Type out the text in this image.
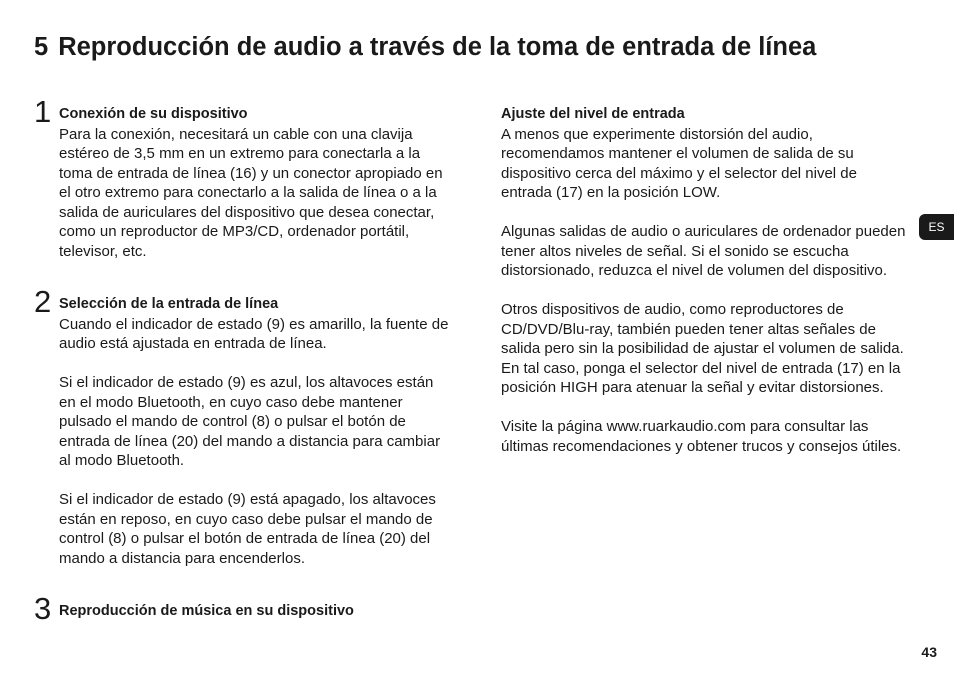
5 Reproducción de audio a través de la toma de entrada de línea
1 Conexión de su dispositivo

Para la conexión, necesitará un cable con una clavija estéreo de 3,5 mm en un extremo para conectarla a la toma de entrada de línea (16) y un conector apropiado en el otro extremo para conectarlo a la salida de línea o a la salida de auriculares del dispositivo que desea conectar, como un reproductor de MP3/CD, ordenador portátil, televisor, etc.

2 Selección de la entrada de línea

Cuando el indicador de estado (9) es amarillo, la fuente de audio está ajustada en entrada de línea.

Si el indicador de estado (9) es azul, los altavoces están en el modo Bluetooth, en cuyo caso debe mantener pulsado el mando de control (8) o pulsar el botón de entrada de línea (20) del mando a distancia para cambiar al modo Bluetooth.

Si el indicador de estado (9) está apagado, los altavoces están en reposo, en cuyo caso debe pulsar el mando de control (8) o pulsar el botón de entrada de línea (20) del mando a distancia para encenderlos.

3 Reproducción de música en su dispositivo

Ajuste del nivel de entrada

A menos que experimente distorsión del audio, recomendamos mantener el volumen de salida de su dispositivo cerca del máximo y el selector del nivel de entrada (17) en la posición LOW.

Algunas salidas de audio o auriculares de ordenador pueden tener altos niveles de señal. Si el sonido se escucha distorsionado, reduzca el nivel de volumen del dispositivo.

Otros dispositivos de audio, como reproductores de CD/DVD/Blu-ray, también pueden tener altas señales de salida pero sin la posibilidad de ajustar el volumen de salida. En tal caso, ponga el selector del nivel de entrada (17) en la posición HIGH para atenuar la señal y evitar distorsiones.

Visite la página www.ruarkaudio.com para consultar las últimas recomendaciones y obtener trucos y consejos útiles.

ES
43
